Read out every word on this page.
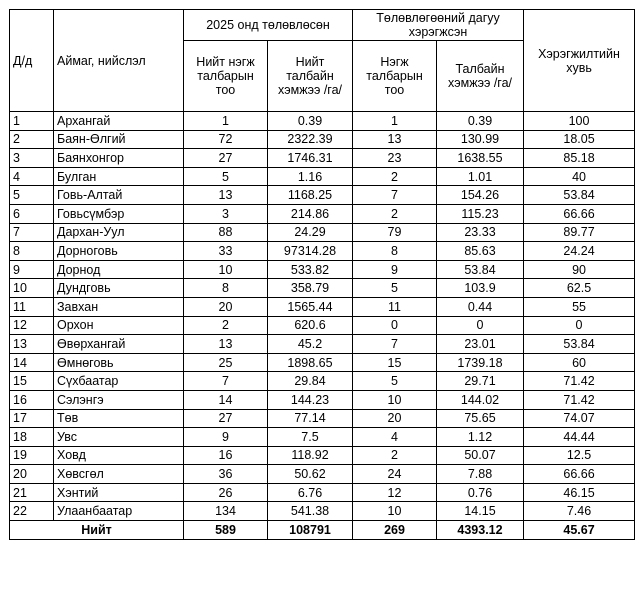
Д/д	Аймаг, нийслэл	2025 онд төлөвлөсөн		Төлөвлөгөөний дагуу хэрэгжсэн		Хэрэгжилтийн хувь
		Нийт нэгж талбарын тоо	Нийт талбайн хэмжээ /га/	Нэгж талбарын тоо	Талбайн хэмжээ /га/	
1	Архангай	1	0.39	1	0.39	100
2	Баян-Өлгий	72	2322.39	13	130.99	18.05
3	Баянхонгор	27	1746.31	23	1638.55	85.18
4	Булган	5	1.16	2	1.01	40
5	Говь-Алтай	13	1168.25	7	154.26	53.84
6	Говьсүмбэр	3	214.86	2	115.23	66.66
7	Дархан-Уул	88	24.29	79	23.33	89.77
8	Дорноговь	33	97314.28	8	85.63	24.24
9	Дорнод	10	533.82	9	53.84	90
10	Дундговь	8	358.79	5	103.9	62.5
11	Завхан	20	1565.44	11	0.44	55
12	Орхон	2	620.6	0	0	0
13	Өвөрхангай	13	45.2	7	23.01	53.84
14	Өмнөговь	25	1898.65	15	1739.18	60
15	Сүхбаатар	7	29.84	5	29.71	71.42
16	Сэлэнгэ	14	144.23	10	144.02	71.42
17	Төв	27	77.14	20	75.65	74.07
18	Увс	9	7.5	4	1.12	44.44
19	Ховд	16	118.92	2	50.07	12.5
20	Хөвсгөл	36	50.62	24	7.88	66.66
21	Хэнтий	26	6.76	12	0.76	46.15
22	Улаанбаатар	134	541.38	10	14.15	7.46
Нийт		589	108791	269	4393.12	45.67
